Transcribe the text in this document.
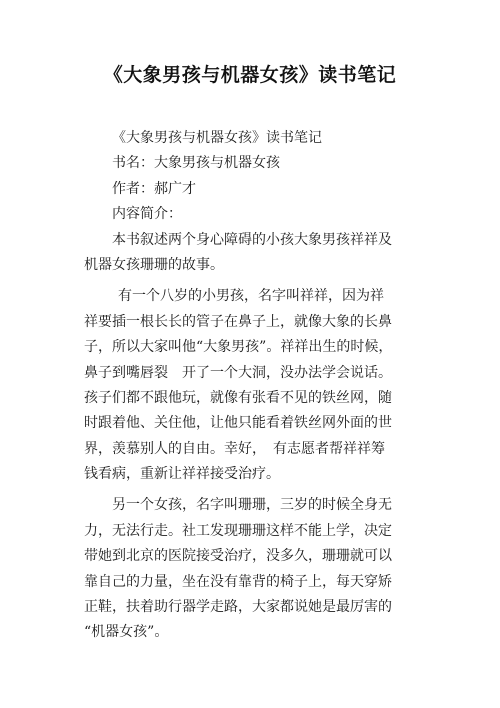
《大象男孩与机器女孩》读书笔记
《大象男孩与机器女孩》读书笔记
书名：大象男孩与机器女孩
作者：郝广才
内容简介：
本书叙述两个身心障碍的小孩大象男孩祥祥及
机器女孩珊珊的故事。
有一个八岁的小男孩，名字叫祥祥，因为祥
祥要插一根长长的管子在鼻子上，就像大象的长鼻
子，所以大家叫他“大象男孩”。祥祥出生的时候，
鼻子到嘴唇裂　开了一个大洞，没办法学会说话。
孩子们都不跟他玩，就像有张看不见的铁丝网，随
时跟着他、关住他，让他只能看着铁丝网外面的世
界，羡慕别人的自由。幸好，　有志愿者帮祥祥筹
钱看病，重新让祥祥接受治疗。
另一个女孩，名字叫珊珊，三岁的时候全身无
力，无法行走。社工发现珊珊这样不能上学，决定
带她到北京的医院接受治疗，没多久，珊珊就可以
靠自己的力量，坐在没有靠背的椅子上，每天穿矫
正鞋，扶着助行器学走路，大家都说她是最厉害的
“机器女孩”。
